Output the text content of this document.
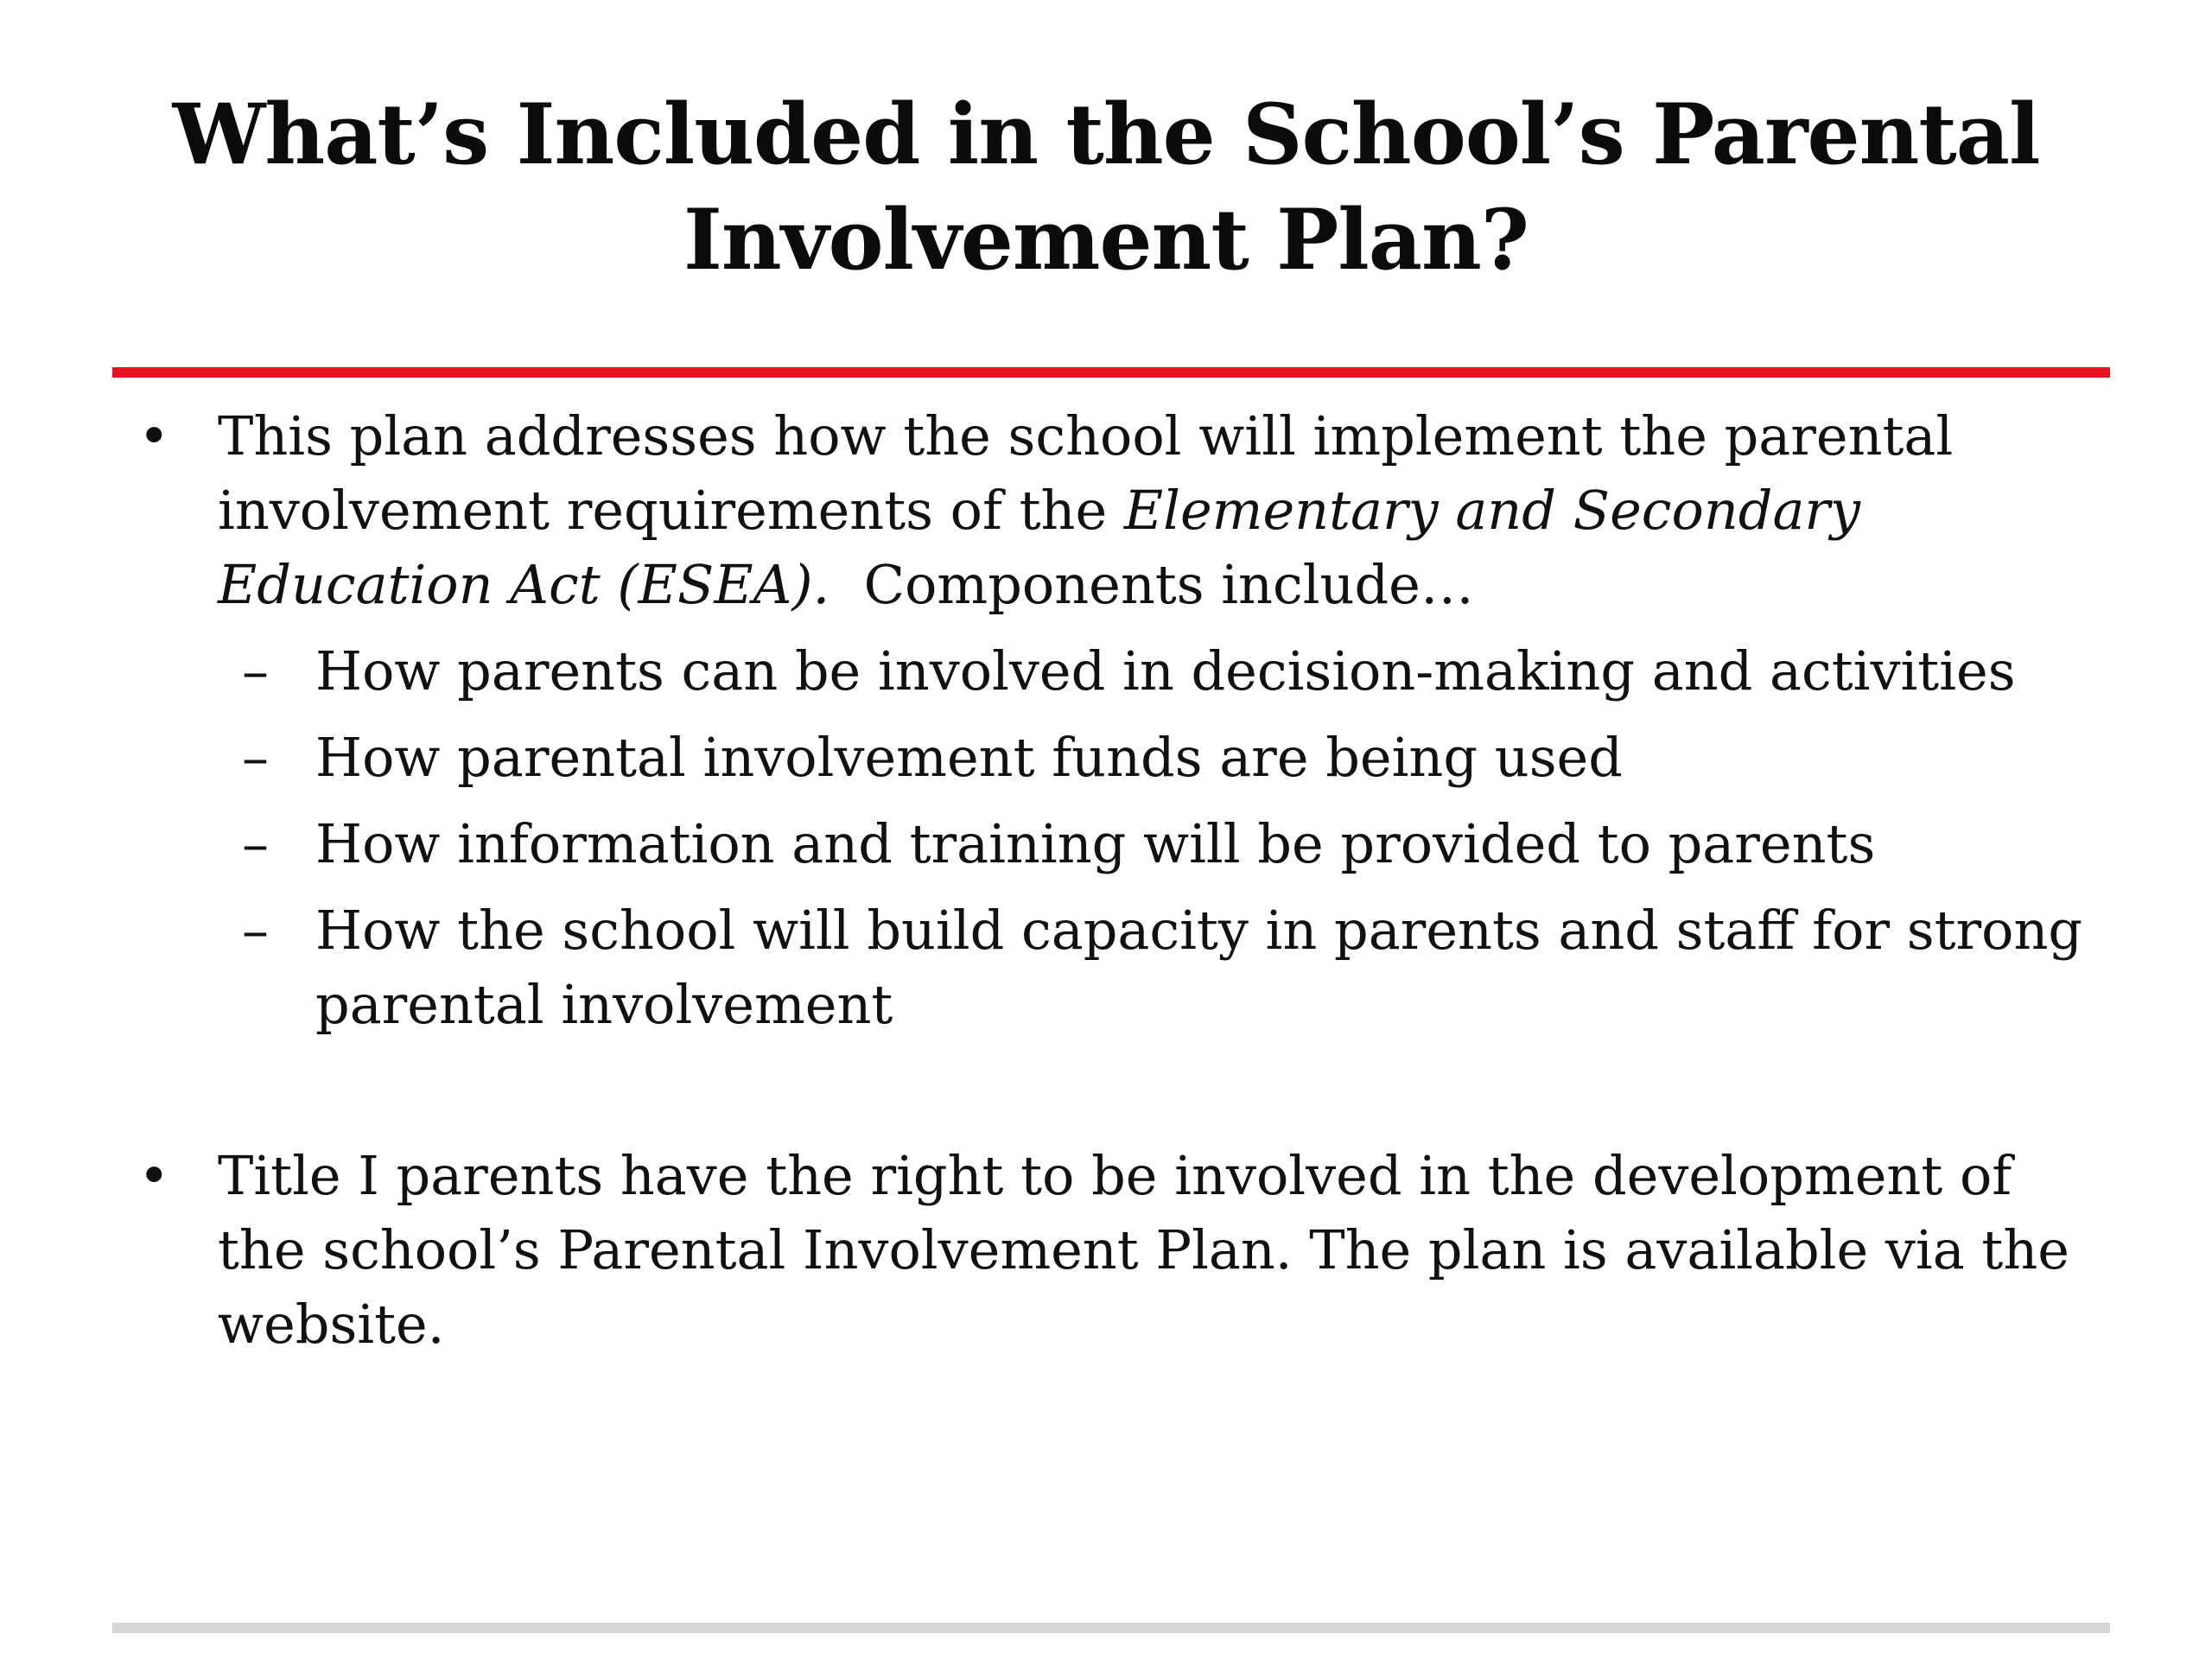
What’s Included in the School’s Parental
Involvement Plan?
• This plan addresses how the school will implement the parental involvement requirements of the Elementary and Secondary Education Act (ESEA).  Components include…
– How parents can be involved in decision-making and activities
– How parental involvement funds are being used
– How information and training will be provided to parents
– How the school will build capacity in parents and staff for strong parental involvement
• Title I parents have the right to be involved in the development of the school’s Parental Involvement Plan. The plan is available via the website.
